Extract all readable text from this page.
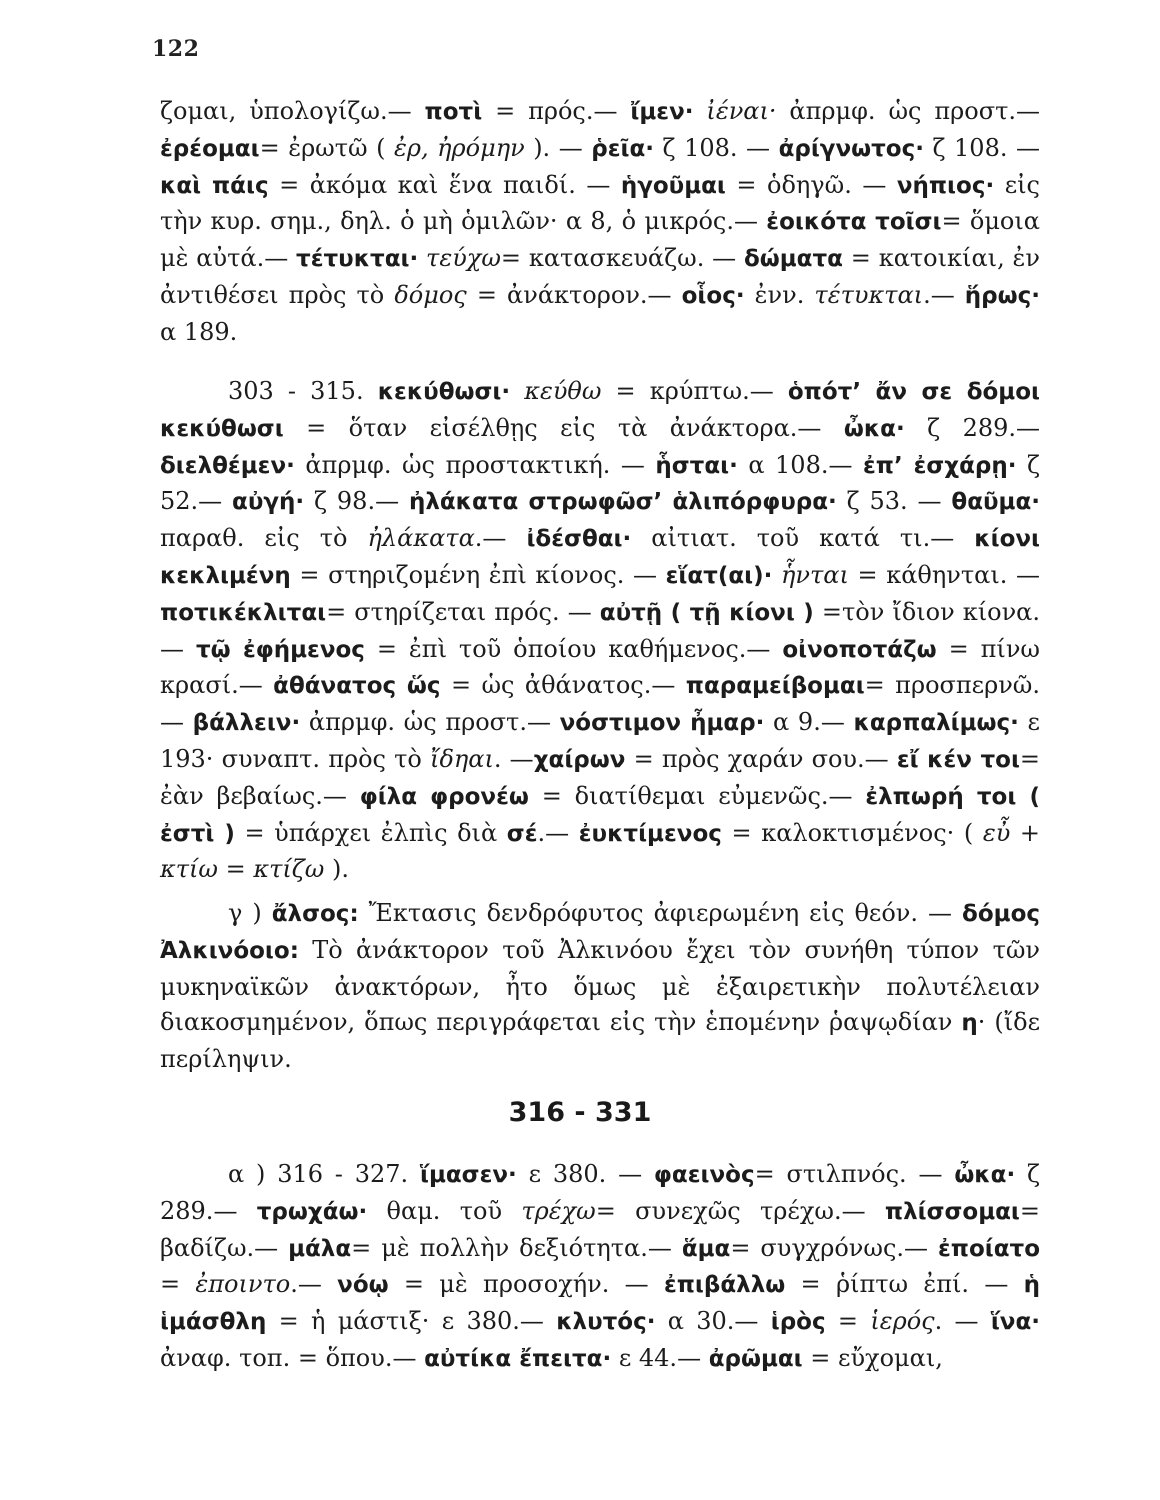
122
ζομαι, ὑπολογίζω.— ποτὶ = πρός.— ἴμεν· ἰέναι· ἀπρμφ. ὡς προστ.— ἐρέομαι= ἐρωτῶ ( ἐρ, ἠρόμην ). — ῥεῖα· ζ 108. — ἀρίγνωτος· ζ 108. — καὶ πάις = ἀκόμα καὶ ἕνα παιδί. — ἡγοῦμαι = ὁδηγῶ. — νήπιος· εἰς τὴν κυρ. σημ., δηλ. ὁ μὴ ὁμιλῶν· α 8, ὁ μικρός.— ἐοικότα τοῖσι= ὅμοια μὲ αὐτά.— τέτυκται· τεύχω= κατασκευάζω. — δώματα = κατοικίαι, ἐν ἀντιθέσει πρὸς τὸ δόμος = ἀνάκτορον.— οἷος· ἐνν. τέτυκται.— ἥρως· α 189.
303 - 315. κεκύθωσι· κεύθω = κρύπτω.— ὁπότ’ ἄν σε δόμοι κεκύθωσι = ὅταν εἰσέλθῃς εἰς τὰ ἀνάκτορα.— ὦκα· ζ 289.— διελθέμεν· ἀπρμφ. ὡς προστακτική. — ἧσται· α 108.— ἐπ’ ἐσχάρῃ· ζ 52.— αὐγή· ζ 98.— ἠλάκατα στρωφῶσ’ ἁλιπόρφυρα· ζ 53. — θαῦμα· παραθ. εἰς τὸ ἠλάκατα.— ἰδέσθαι· αἰτιατ. τοῦ κατά τι.— κίονι κεκλιμένη = στηριζομένη ἐπὶ κίονος. — εἵατ(αι)· ἧνται = κάθηνται. — ποτικέκλιται= στηρίζεται πρός. — αὐτῇ ( τῇ κίονι ) =τὸν ἴδιον κίονα.— τῷ ἐφήμενος = ἐπὶ τοῦ ὁποίου καθήμενος.— οἰνοποτάζω = πίνω κρασί.— ἀθάνατος ὥς = ὡς ἀθάνατος.— παραμείβομαι= προσπερνῶ.— βάλλειν· ἀπρμφ. ὡς προστ.— νόστιμον ἦμαρ· α 9.— καρπαλίμως· ε 193· συναπτ. πρὸς τὸ ἴδηαι. —χαίρων = πρὸς χαράν σου.— εἴ κέν τοι= ἐὰν βεβαίως.— φίλα φρονέω = διατίθεμαι εὐμενῶς.— ἐλπωρή τοι ( ἐστὶ ) = ὑπάρχει ἐλπὶς διὰ σέ.— ἐυκτίμενος = καλοκτισμένος· ( εὖ + κτίω = κτίζω ).
γ ) ἄλσος: Ἔκτασις δενδρόφυτος ἀφιερωμένη εἰς θεόν. — δόμος Ἀλκινόοιο: Τὸ ἀνάκτορον τοῦ Ἀλκινόου ἔχει τὸν συνήθη τύπον τῶν μυκηναϊκῶν ἀνακτόρων, ἦτο ὅμως μὲ ἐξαιρετικὴν πολυτέλειαν διακοσμημένον, ὅπως περιγράφεται εἰς τὴν ἑπομένην ῥαψῳδίαν η· (ἴδε περίληψιν.
316 - 331
α ) 316 - 327. ἵμασεν· ε 380. — φαεινὸς= στιλπνός. — ὦκα· ζ 289.— τρωχάω· θαμ. τοῦ τρέχω= συνεχῶς τρέχω.— πλίσσομαι= βαδίζω.— μάλα= μὲ πολλὴν δεξιότητα.— ἅμα= συγχρόνως.— ἐποίατο = ἐποιντο.— νόῳ = μὲ προσοχήν. — ἐπιβάλλω = ῥίπτω ἐπί. — ἡ ἱμάσθλη = ἡ μάστιξ· ε 380.— κλυτός· α 30.— ἱρὸς = ἱερός. — ἵνα· ἀναφ. τοπ. = ὅπου.— αὐτίκα ἔπειτα· ε 44.— ἀρῶμαι = εὔχομαι,
